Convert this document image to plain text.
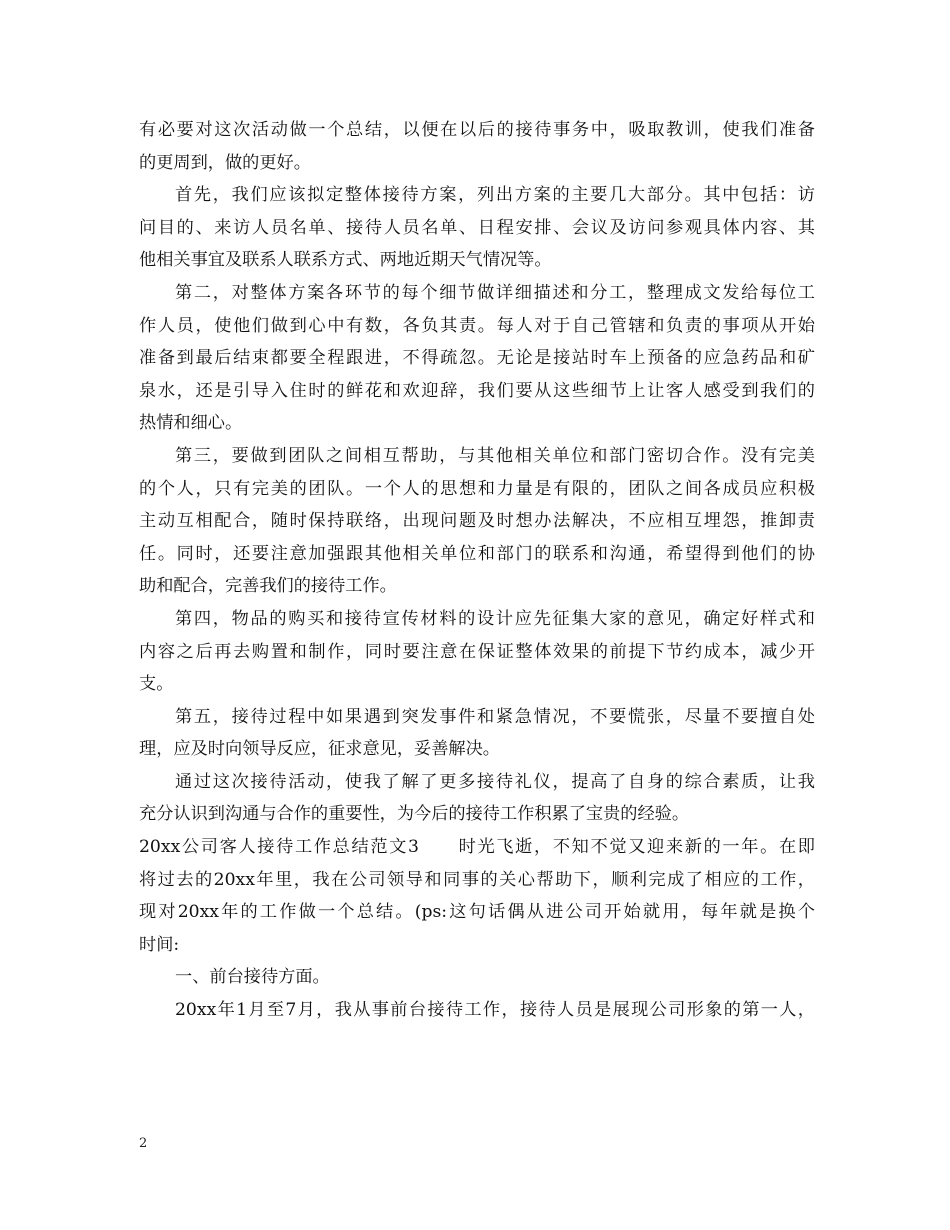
有必要对这次活动做一个总结，以便在以后的接待事务中，吸取教训，使我们准备
的更周到，做的更好。
首先，我们应该拟定整体接待方案，列出方案的主要几大部分。其中包括：访
问目的、来访人员名单、接待人员名单、日程安排、会议及访问参观具体内容、其
他相关事宜及联系人联系方式、两地近期天气情况等。
第二，对整体方案各环节的每个细节做详细描述和分工，整理成文发给每位工
作人员，使他们做到心中有数，各负其责。每人对于自己管辖和负责的事项从开始
准备到最后结束都要全程跟进，不得疏忽。无论是接站时车上预备的应急药品和矿
泉水，还是引导入住时的鲜花和欢迎辞，我们要从这些细节上让客人感受到我们的
热情和细心。
第三，要做到团队之间相互帮助，与其他相关单位和部门密切合作。没有完美
的个人，只有完美的团队。一个人的思想和力量是有限的，团队之间各成员应积极
主动互相配合，随时保持联络，出现问题及时想办法解决，不应相互埋怨，推卸责
任。同时，还要注意加强跟其他相关单位和部门的联系和沟通，希望得到他们的协
助和配合，完善我们的接待工作。
第四，物品的购买和接待宣传材料的设计应先征集大家的意见，确定好样式和
内容之后再去购置和制作，同时要注意在保证整体效果的前提下节约成本，减少开
支。
第五，接待过程中如果遇到突发事件和紧急情况，不要慌张，尽量不要擅自处
理，应及时向领导反应，征求意见，妥善解决。
通过这次接待活动，使我了解了更多接待礼仪，提高了自身的综合素质，让我
充分认识到沟通与合作的重要性，为今后的接待工作积累了宝贵的经验。
20xx公司客人接待工作总结范文3 时光飞逝，不知不觉又迎来新的一年。在即
将过去的20xx年里，我在公司领导和同事的关心帮助下，顺利完成了相应的工作，
现对20xx年的工作做一个总结。(ps:这句话偶从进公司开始就用，每年就是换个
时间:
一、前台接待方面。
20xx年1月至7月，我从事前台接待工作，接待人员是展现公司形象的第一人，
2
